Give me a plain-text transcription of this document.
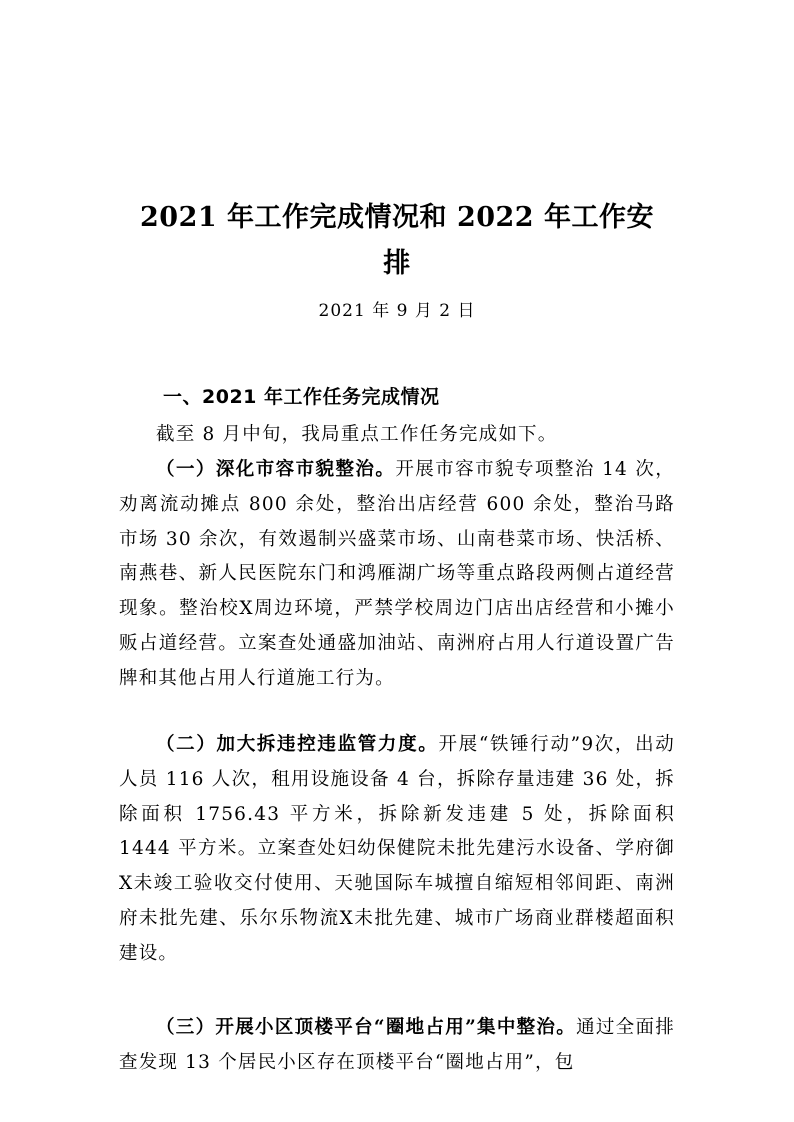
2021 年工作完成情况和 2022 年工作安
排
2021 年 9 月 2 日
一、2021 年工作任务完成情况

截至 8 月中旬，我局重点工作任务完成如下。

（一）深化市容市貌整治。开展市容市貌专项整治 14 次，劝离流动摊点 800 余处，整治出店经营 600 余处，整治马路市场 30 余次，有效遏制兴盛菜市场、山南巷菜市场、快活桥、南燕巷、新人民医院东门和鸿雁湖广场等重点路段两侧占道经营现象。整治校X周边环境，严禁学校周边门店出店经营和小摊小贩占道经营。立案查处通盛加油站、南洲府占用人行道设置广告牌和其他占用人行道施工行为。

（二）加大拆违控违监管力度。开展“铁锤行动”9次，出动人员 116 人次，租用设施设备 4 台，拆除存量违建 36 处，拆除面积 1756.43 平方米，拆除新发违建 5 处，拆除面积 1444 平方米。立案查处妇幼保健院未批先建污水设备、学府御X未竣工验收交付使用、天驰国际车城擅自缩短相邻间距、南洲府未批先建、乐尔乐物流X未批先建、城市广场商业群楼超面积建设。

（三）开展小区顶楼平台“圈地占用”集中整治。通过全面排查发现 13 个居民小区存在顶楼平台“圈地占用”，包
